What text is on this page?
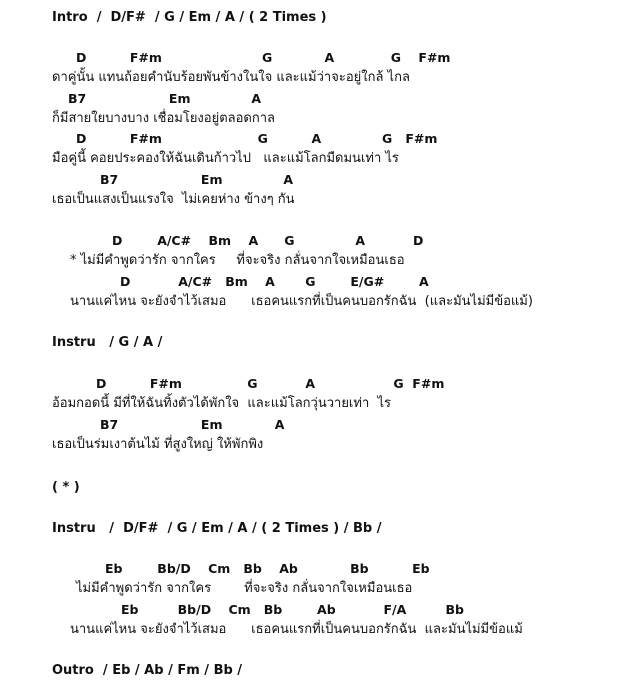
Intro  /  D/F#  / G / Em / A / ( 2 Times )
D          F#m                       G            A             G    F#m
ดาคู่นั้น แทนถ้อยคำนับร้อยพันข้างในใจ และแม้ว่าจะอยู่ใกล้ ไกล
B7                   Em              A
ก็มีสายใยบางบาง เชื่อมโยงอยู่ตลอดกาล
D          F#m                      G          A              G   F#m
มือคู่นี้ คอยประคองให้ฉันเดินก้าวไป   และแม้โลกมืดมนเท่า ไร
B7                   Em              A
เธอเป็นแสงเป็นแรงใจ  ไม่เคยห่าง ข้างๆ กัน
D        A/C#    Bm    A      G              A           D
* ไม่มีคำพูดว่ารัก จากใคร     ที่จะจริง กลั่นจากใจเหมือนเธอ
D           A/C#   Bm    A       G        E/G#        A
นานแค่ไหน จะยังจำไว้เสมอ      เธอคนแรกที่เป็นคนบอกรักฉัน  (และมันไม่มีข้อแม้)
Instru   / G / A /
D          F#m               G           A                  G  F#m
อ้อมกอดนี้ มีที่ให้ฉันทิ้งตัวได้พักใจ  และแม้โลกวุ่นวายเท่า  ไร
B7                   Em            A
เธอเป็นร่มเงาต้นไม้ ที่สูงใหญ่ ให้พักพิง
( * )
Instru   /  D/F#  / G / Em / A / ( 2 Times ) / Bb /
Eb        Bb/D    Cm   Bb    Ab            Bb          Eb
ไม่มีคำพูดว่ารัก จากใคร        ที่จะจริง กลั่นจากใจเหมือนเธอ
Eb         Bb/D    Cm   Bb        Ab           F/A         Bb
นานแค่ไหน จะยังจำไว้เสมอ      เธอคนแรกที่เป็นคนบอกรักฉัน  และมันไม่มีข้อแม้
Outro  / Eb / Ab / Fm / Bb /
